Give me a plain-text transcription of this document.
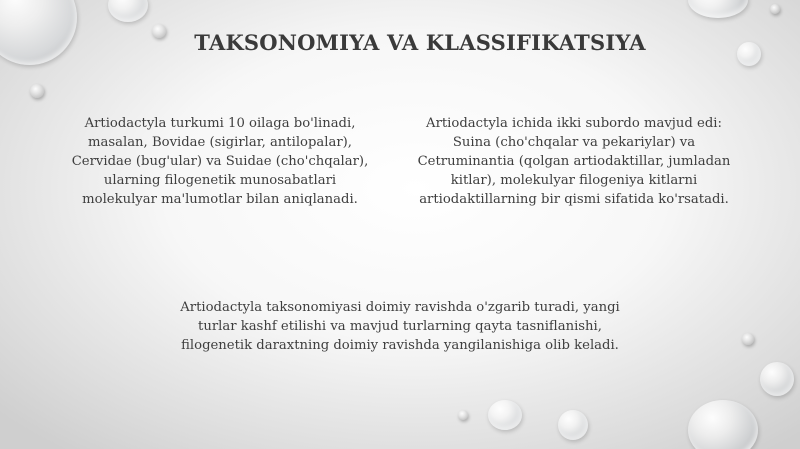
TAKSONOMIYA VA KLASSIFIKATSIYA
Artiodactyla turkumi 10 oilaga bo'linadi,
masalan, Bovidae (sigirlar, antilopalar),
Cervidae (bug'ular) va Suidae (cho'chqalar),
ularning filogenetik munosabatlari
molekulyar ma'lumotlar bilan aniqlanadi.
Artiodactyla ichida ikki subordo mavjud edi:
Suina (cho'chqalar va pekariylar) va
Cetruminantia (qolgan artiodaktillar, jumladan
kitlar), molekulyar filogeniya kitlarni
artiodaktillarning bir qismi sifatida ko'rsatadi.
Artiodactyla taksonomiyasi doimiy ravishda o'zgarib turadi, yangi
turlar kashf etilishi va mavjud turlarning qayta tasniflanishi,
filogenetik daraxtning doimiy ravishda yangilanishiga olib keladi.
